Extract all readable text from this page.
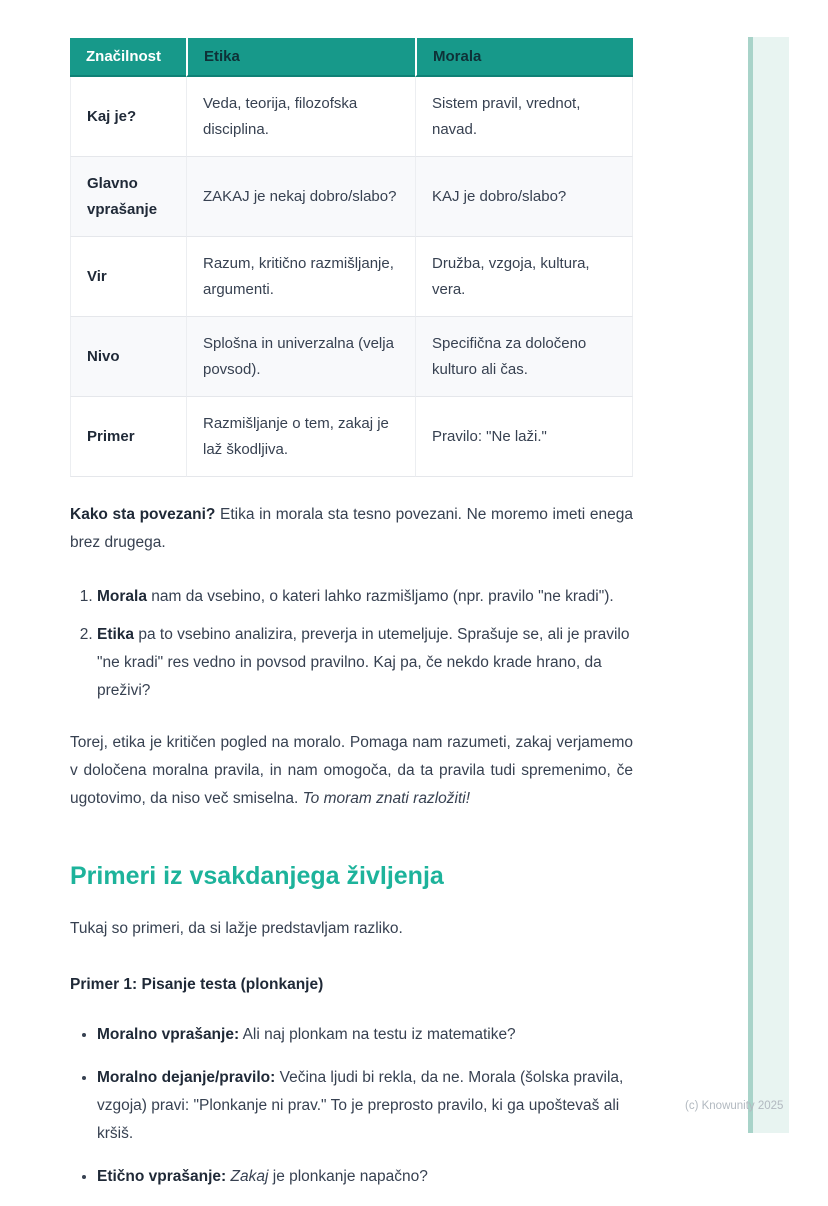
Značilnost	Etika	Morala
Kaj je?	Veda, teorija, filozofska disciplina.	Sistem pravil, vrednot, navad.
Glavno vprašanje	ZAKAJ je nekaj dobro/slabo?	KAJ je dobro/slabo?
Vir	Razum, kritično razmišljanje, argumenti.	Družba, vzgoja, kultura, vera.
Nivo	Splošna in univerzalna (velja povsod).	Specifična za določeno kulturo ali čas.
Primer	Razmišljanje o tem, zakaj je laž škodljiva.	Pravilo: "Ne laži."

Kako sta povezani? Etika in morala sta tesno povezani. Ne moremo imeti enega brez drugega.

1. Morala nam da vsebino, o kateri lahko razmišljamo (npr. pravilo "ne kradi").
2. Etika pa to vsebino analizira, preverja in utemeljuje. Sprašuje se, ali je pravilo "ne kradi" res vedno in povsod pravilno. Kaj pa, če nekdo krade hrano, da preživi?

Torej, etika je kritičen pogled na moralo. Pomaga nam razumeti, zakaj verjamemo v določena moralna pravila, in nam omogoča, da ta pravila tudi spremenimo, če ugotovimo, da niso več smiselna. To moram znati razložiti!

Primeri iz vsakdanjega življenja

Tukaj so primeri, da si lažje predstavljam razliko.

Primer 1: Pisanje testa (plonkanje)

• Moralno vprašanje: Ali naj plonkam na testu iz matematike?
• Moralno dejanje/pravilo: Večina ljudi bi rekla, da ne. Morala (šolska pravila, vzgoja) pravi: "Plonkanje ni prav." To je preprosto pravilo, ki ga upoštevaš ali kršiš.
• Etično vprašanje: Zakaj je plonkanje napačno?
(c) Knowunity 2025
